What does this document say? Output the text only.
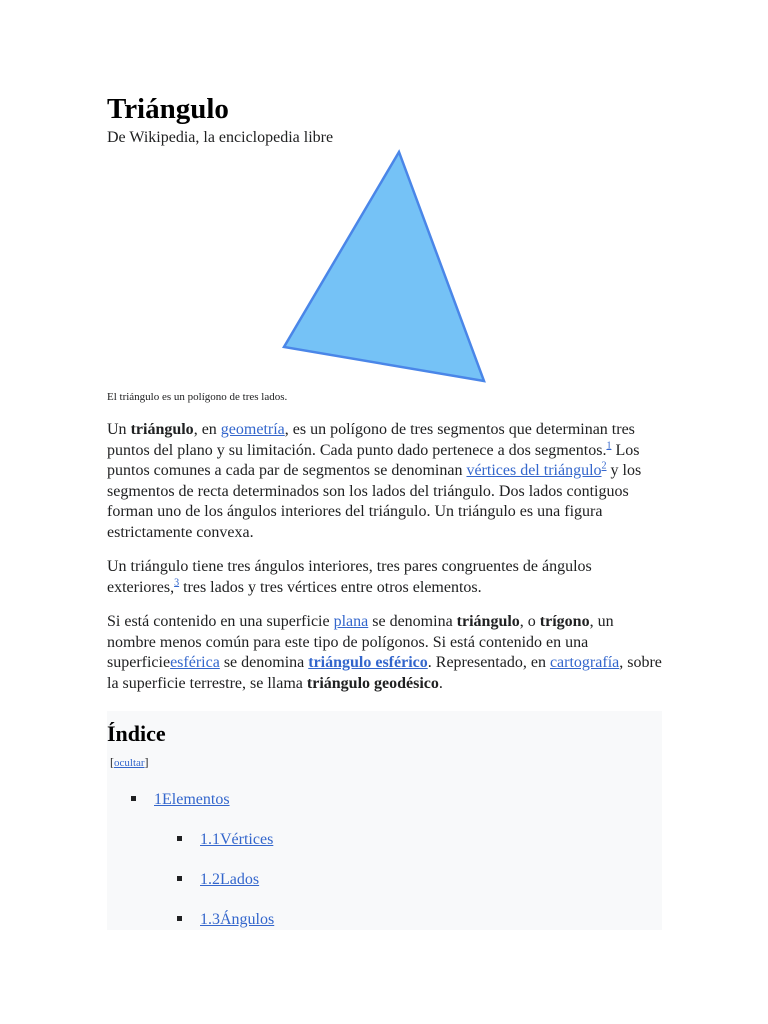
Triángulo

De Wikipedia, la enciclopedia libre

El triángulo es un polígono de tres lados.

Un triángulo, en geometría, es un polígono de tres segmentos que determinan tres puntos del plano y su limitación. Cada punto dado pertenece a dos segmentos.$^1$ Los puntos comunes a cada par de segmentos se denominan vértices del triángulo$^2$ y los segmentos de recta determinados son los lados del triángulo. Dos lados contiguos forman uno de los ángulos interiores del triángulo. Un triángulo es una figura estrictamente convexa.

Un triángulo tiene tres ángulos interiores, tres pares congruentes de ángulos exteriores,$^3$ tres lados y tres vértices entre otros elementos.

Si está contenido en una superficie plana se denomina triángulo, o trígono, un nombre menos común para este tipo de polígonos. Si está contenido en una superficieesférica se denomina triángulo esférico. Representado, en cartografía, sobre la superficie terrestre, se llama triángulo geodésico.

Índice
[ocultar]
1Elementos
1.1Vértices
1.2Lados
1.3Ángulos
